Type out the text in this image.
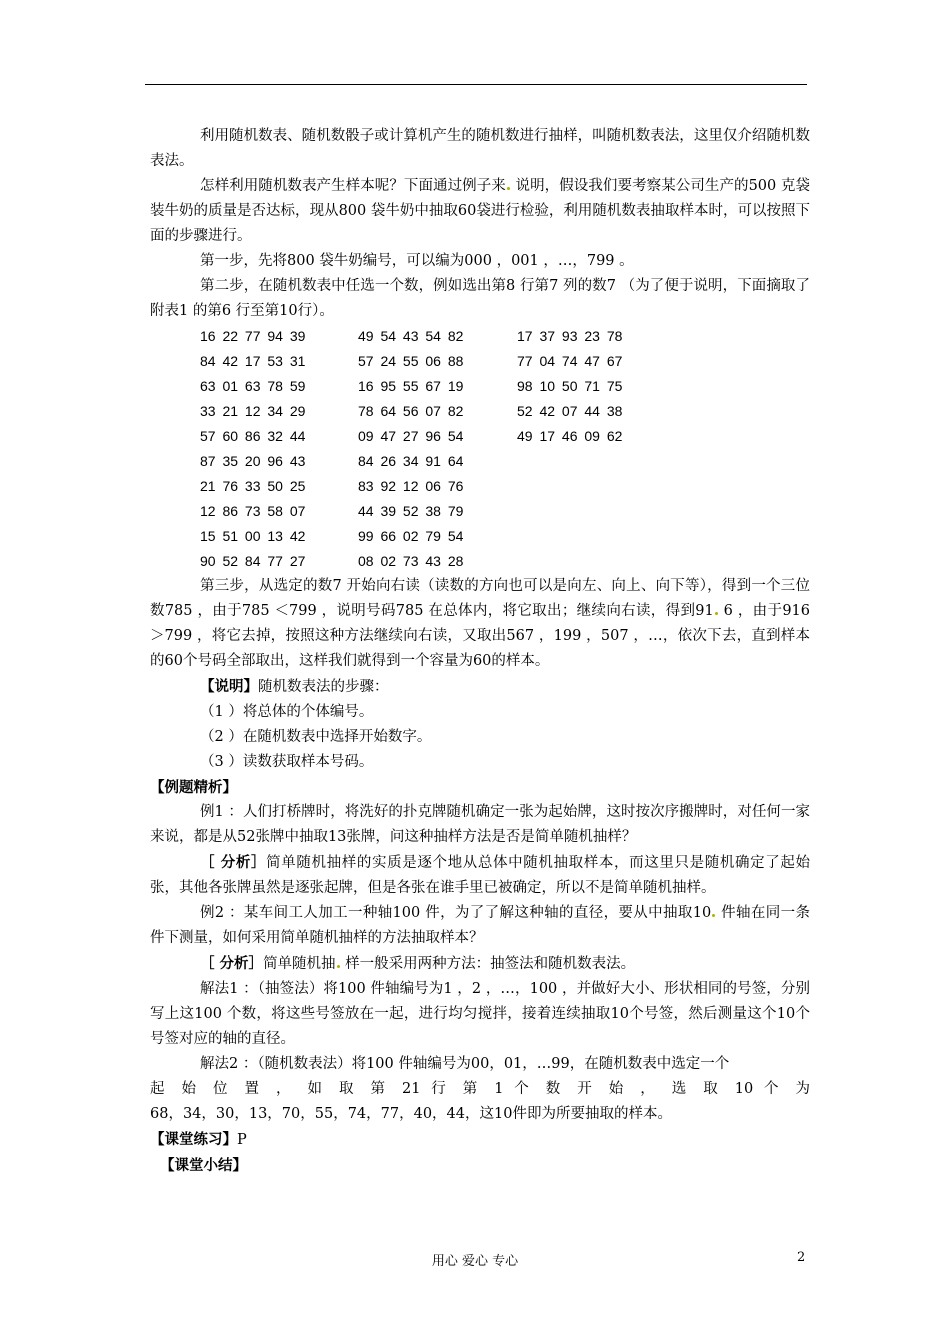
利用随机数表、随机数骰子或计算机产生的随机数进行抽样，叫随机数表法，这里仅介绍随机数表法。

怎样利用随机数表产生样本呢？下面通过例子来 说明，假设我们要考察某公司生产的500 克袋装牛奶的质量是否达标，现从800 袋牛奶中抽取60袋进行检验，利用随机数表抽取样本时，可以按照下面的步骤进行。

第一步，先将800 袋牛奶编号，可以编为000 ，001 ，…，799 。

第二步，在随机数表中任选一个数，例如选出第8 行第7 列的数7 （为了便于说明，下面摘取了附表1 的第6 行至第10行）。

16 22 77 94 39
84 42 17 53 31
63 01 63 78 59
33 21 12 34 29
57 60 86 32 44
87 35 20 96 43
21 76 33 50 25
12 86 73 58 07
15 51 00 13 42
90 52 84 77 27
49 54 43 54 82
57 24 55 06 88
16 95 55 67 19
78 64 56 07 82
09 47 27 96 54
84 26 34 91 64
83 92 12 06 76
44 39 52 38 79
99 66 02 79 54
08 02 73 43 28
17 37 93 23 78
77 04 74 47 67
98 10 50 71 75
52 42 07 44 38
49 17 46 09 62

第三步，从选定的数7 开始向右读（读数的方向也可以是向左、向上、向下等），得到一个三位数785 ，由于785 ＜799 ，说明号码785 在总体内，将它取出；继续向右读，得到91 6 ，由于916 ＞799 ，将它去掉，按照这种方法继续向右读，又取出567 ，199 ，507 ，…，依次下去，直到样本的60个号码全部取出，这样我们就得到一个容量为60的样本。

【说明】随机数表法的步骤：

（1 ）将总体的个体编号。

（2 ）在随机数表中选择开始数字。

（3 ）读数获取样本号码。

【例题精析】

例1 ：人们打桥牌时，将洗好的扑克牌随机确定一张为起始牌，这时按次序搬牌时，对任何一家来说，都是从52张牌中抽取13张牌，问这种抽样方法是否是简单随机抽样？

［ 分析］简单随机抽样的实质是逐个地从总体中随机抽取样本，而这里只是随机确定了起始张，其他各张牌虽然是逐张起牌，但是各张在谁手里已被确定，所以不是简单随机抽样。

例2 ：某车间工人加工一种轴100 件，为了了解这种轴的直径，要从中抽取10 件轴在同一条件下测量，如何采用简单随机抽样的方法抽取样本？

［ 分析］简单随机抽 样一般采用两种方法：抽签法和随机数表法。

解法1 ：（抽签法）将100 件轴编号为1 ，2 ，…，100 ，并做好大小、形状相同的号签，分别写上这100 个数，将这些号签放在一起，进行均匀搅拌，接着连续抽取10个号签，然后测量这个10个号签对应的轴的直径。

解法2 ：（随机数表法）将100 件轴编号为00，01，…99，在随机数表中选定一个

起 始 位 置 ， 如 取 第 21 行 第 1 个 数 开 始 ， 选 取 10 个 为

68，34，30，13，70，55，74，77，40，44，这10件即为所要抽取的样本。

【课堂练习】P

【课堂小结】

用心 爱心 专心	2
